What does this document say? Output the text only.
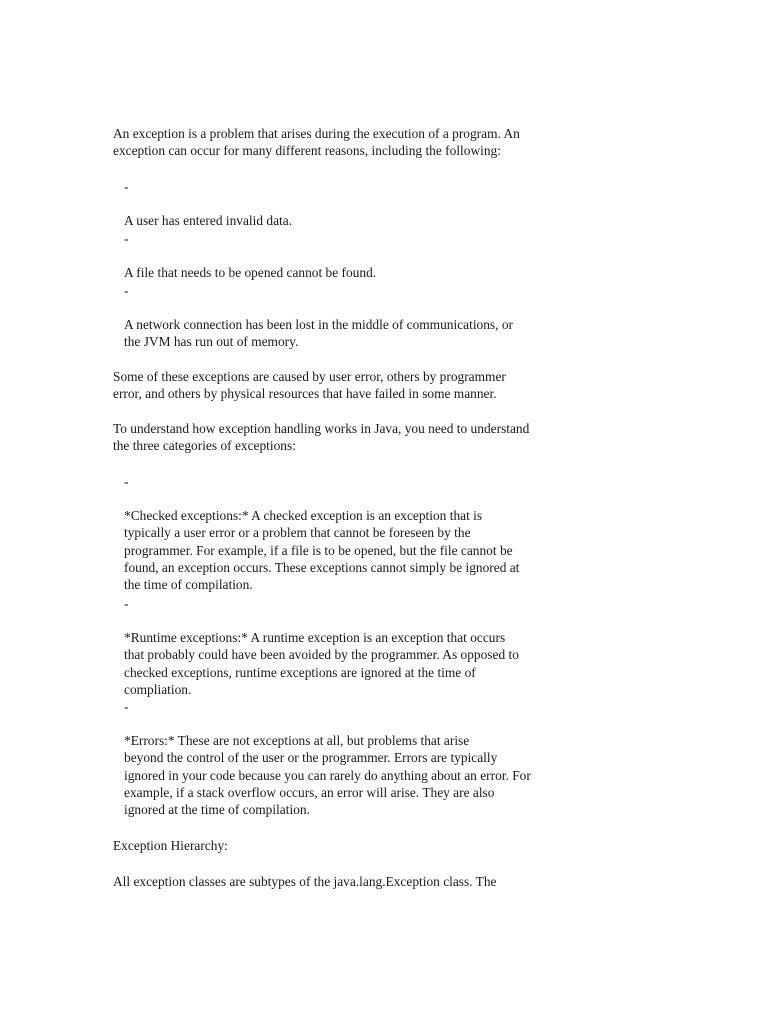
An exception is a problem that arises during the execution of a program. An
exception can occur for many different reasons, including the following:

-

A user has entered invalid data.

-

A file that needs to be opened cannot be found.

-

A network connection has been lost in the middle of communications, or
the JVM has run out of memory.

Some of these exceptions are caused by user error, others by programmer
error, and others by physical resources that have failed in some manner.

To understand how exception handling works in Java, you need to understand
the three categories of exceptions:

-

*Checked exceptions:* A checked exception is an exception that is
typically a user error or a problem that cannot be foreseen by the
programmer. For example, if a file is to be opened, but the file cannot be
found, an exception occurs. These exceptions cannot simply be ignored at
the time of compilation.

-

*Runtime exceptions:* A runtime exception is an exception that occurs
that probably could have been avoided by the programmer. As opposed to
checked exceptions, runtime exceptions are ignored at the time of
compliation.

-

*Errors:* These are not exceptions at all, but problems that arise
beyond the control of the user or the programmer. Errors are typically
ignored in your code because you can rarely do anything about an error. For
example, if a stack overflow occurs, an error will arise. They are also
ignored at the time of compilation.

Exception Hierarchy:

All exception classes are subtypes of the java.lang.Exception class. The
